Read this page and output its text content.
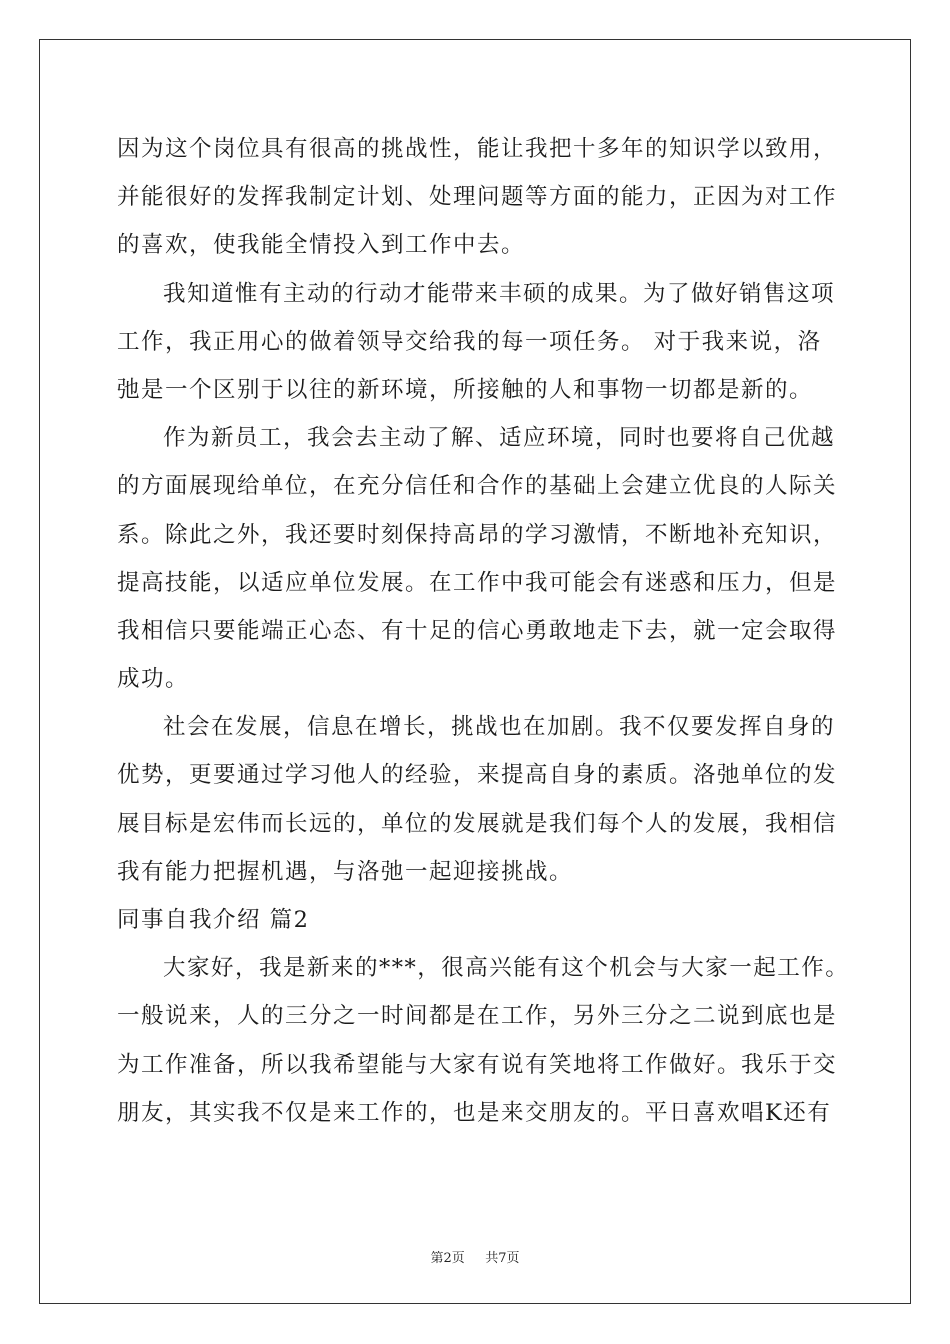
因为这个岗位具有很高的挑战性，能让我把十多年的知识学以致用，
并能很好的发挥我制定计划、处理问题等方面的能力，正因为对工作
的喜欢，使我能全情投入到工作中去。
我知道惟有主动的行动才能带来丰硕的成果。为了做好销售这项
工作，我正用心的做着领导交给我的每一项任务。 对于我来说，洛
弛是一个区别于以往的新环境，所接触的人和事物一切都是新的。
作为新员工，我会去主动了解、适应环境，同时也要将自己优越
的方面展现给单位，在充分信任和合作的基础上会建立优良的人际关
系。除此之外，我还要时刻保持高昂的学习激情，不断地补充知识，
提高技能，以适应单位发展。在工作中我可能会有迷惑和压力，但是
我相信只要能端正心态、有十足的信心勇敢地走下去，就一定会取得
成功。
社会在发展，信息在增长，挑战也在加剧。我不仅要发挥自身的
优势，更要通过学习他人的经验，来提高自身的素质。洛弛单位的发
展目标是宏伟而长远的，单位的发展就是我们每个人的发展，我相信
我有能力把握机遇，与洛弛一起迎接挑战。
同事自我介绍 篇2
大家好，我是新来的***，很高兴能有这个机会与大家一起工作。
一般说来，人的三分之一时间都是在工作，另外三分之二说到底也是
为工作准备，所以我希望能与大家有说有笑地将工作做好。我乐于交
朋友，其实我不仅是来工作的，也是来交朋友的。平日喜欢唱K还有
第2页 共7页
